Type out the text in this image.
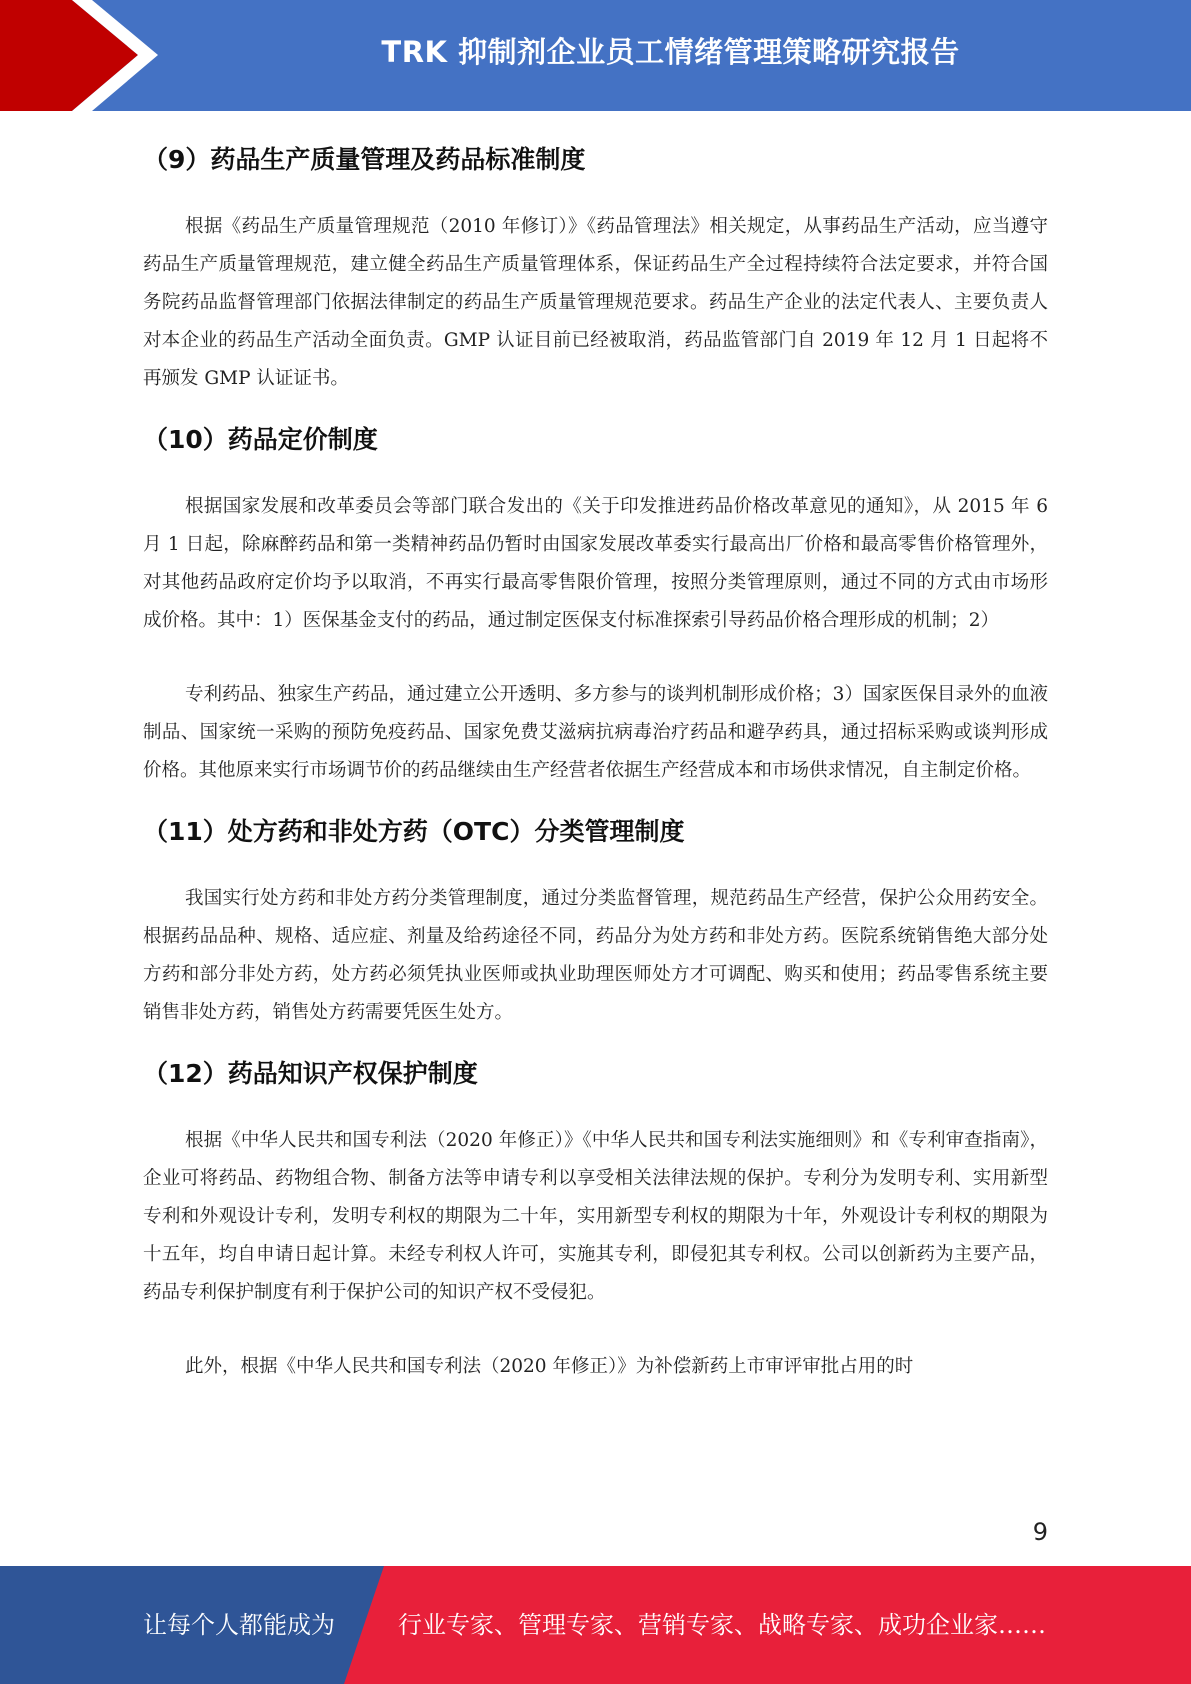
TRK 抑制剂企业员工情绪管理策略研究报告
（9）药品生产质量管理及药品标准制度

根据《药品生产质量管理规范（2010 年修订）》《药品管理法》相关规定，从事药品生产活动，应当遵守药品生产质量管理规范，建立健全药品生产质量管理体系，保证药品生产全过程持续符合法定要求，并符合国务院药品监督管理部门依据法律制定的药品生产质量管理规范要求。药品生产企业的法定代表人、主要负责人对本企业的药品生产活动全面负责。GMP 认证目前已经被取消，药品监管部门自 2019 年 12 月 1 日起将不再颁发 GMP 认证证书。

（10）药品定价制度

根据国家发展和改革委员会等部门联合发出的《关于印发推进药品价格改革意见的通知》，从 2015 年 6 月 1 日起，除麻醉药品和第一类精神药品仍暂时由国家发展改革委实行最高出厂价格和最高零售价格管理外，对其他药品政府定价均予以取消，不再实行最高零售限价管理，按照分类管理原则，通过不同的方式由市场形成价格。其中：1）医保基金支付的药品，通过制定医保支付标准探索引导药品价格合理形成的机制；2）

专利药品、独家生产药品，通过建立公开透明、多方参与的谈判机制形成价格；3）国家医保目录外的血液制品、国家统一采购的预防免疫药品、国家免费艾滋病抗病毒治疗药品和避孕药具，通过招标采购或谈判形成价格。其他原来实行市场调节价的药品继续由生产经营者依据生产经营成本和市场供求情况，自主制定价格。

（11）处方药和非处方药（OTC）分类管理制度

我国实行处方药和非处方药分类管理制度，通过分类监督管理，规范药品生产经营，保护公众用药安全。根据药品品种、规格、适应症、剂量及给药途径不同，药品分为处方药和非处方药。医院系统销售绝大部分处方药和部分非处方药，处方药必须凭执业医师或执业助理医师处方才可调配、购买和使用；药品零售系统主要销售非处方药，销售处方药需要凭医生处方。

（12）药品知识产权保护制度

根据《中华人民共和国专利法（2020 年修正）》《中华人民共和国专利法实施细则》和《专利审查指南》，企业可将药品、药物组合物、制备方法等申请专利以享受相关法律法规的保护。专利分为发明专利、实用新型专利和外观设计专利，发明专利权的期限为二十年，实用新型专利权的期限为十年，外观设计专利权的期限为十五年，均自申请日起计算。未经专利权人许可，实施其专利，即侵犯其专利权。公司以创新药为主要产品，药品专利保护制度有利于保护公司的知识产权不受侵犯。

此外，根据《中华人民共和国专利法（2020 年修正）》为补偿新药上市审评审批占用的时

9
让每个人都能成为	行业专家、管理专家、营销专家、战略专家、成功企业家……
